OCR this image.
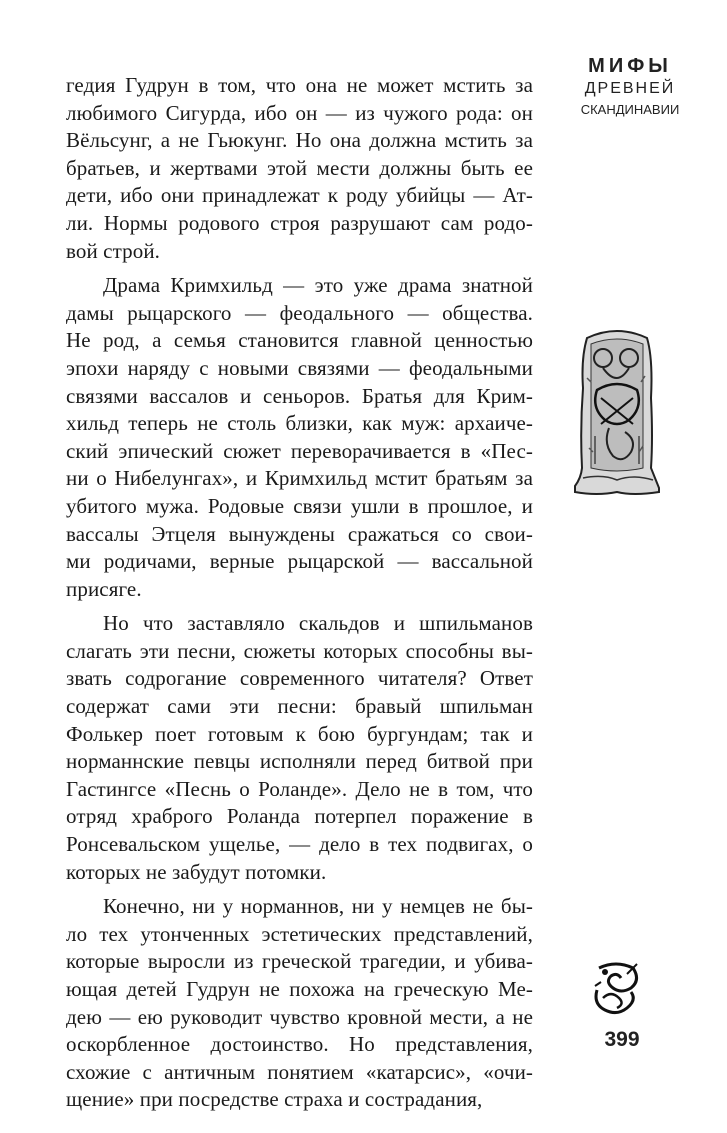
гедия Гудрун в том, что она не может мстить за
любимого Сигурда, ибо он — из чужого рода: он
Вёльсунг, а не Гьюкунг. Но она должна мстить за
братьев, и жертвами этой мести должны быть ее
дети, ибо они принадлежат к роду убийцы — Ат-
ли. Нормы родового строя разрушают сам родо-
вой строй.
Драма Кримхильд — это уже драма знатной
дамы рыцарского — феодального — общества.
Не род, а семья становится главной ценностью
эпохи наряду с новыми связями — феодальными
связями вассалов и сеньоров. Братья для Крим-
хильд теперь не столь близки, как муж: архаиче-
ский эпический сюжет переворачивается в «Пес-
ни о Нибелунгах», и Кримхильд мстит братьям за
убитого мужа. Родовые связи ушли в прошлое, и
вассалы Этцеля вынуждены сражаться со свои-
ми родичами, верные рыцарской — вассальной
присяге.
Но что заставляло скальдов и шпильманов
слагать эти песни, сюжеты которых способны вы-
звать содрогание современного читателя? Ответ
содержат сами эти песни: бравый шпильман
Фолькер поет готовым к бою бургундам; так и
норманнские певцы исполняли перед битвой при
Гастингсе «Песнь о Роланде». Дело не в том, что
отряд храброго Роланда потерпел поражение в
Ронсевальском ущелье, — дело в тех подвигах, о
которых не забудут потомки.
Конечно, ни у норманнов, ни у немцев не бы-
ло тех утонченных эстетических представлений,
которые выросли из греческой трагедии, и убива-
ющая детей Гудрун не похожа на греческую Ме-
дею — ею руководит чувство кровной мести, а не
оскорбленное достоинство. Но представления,
схожие с античным понятием «катарсис», «очи-
щение» при посредстве страха и сострадания,
МИФЫ
ДРЕВНЕЙ
СКАНДИНАВИИ
399
